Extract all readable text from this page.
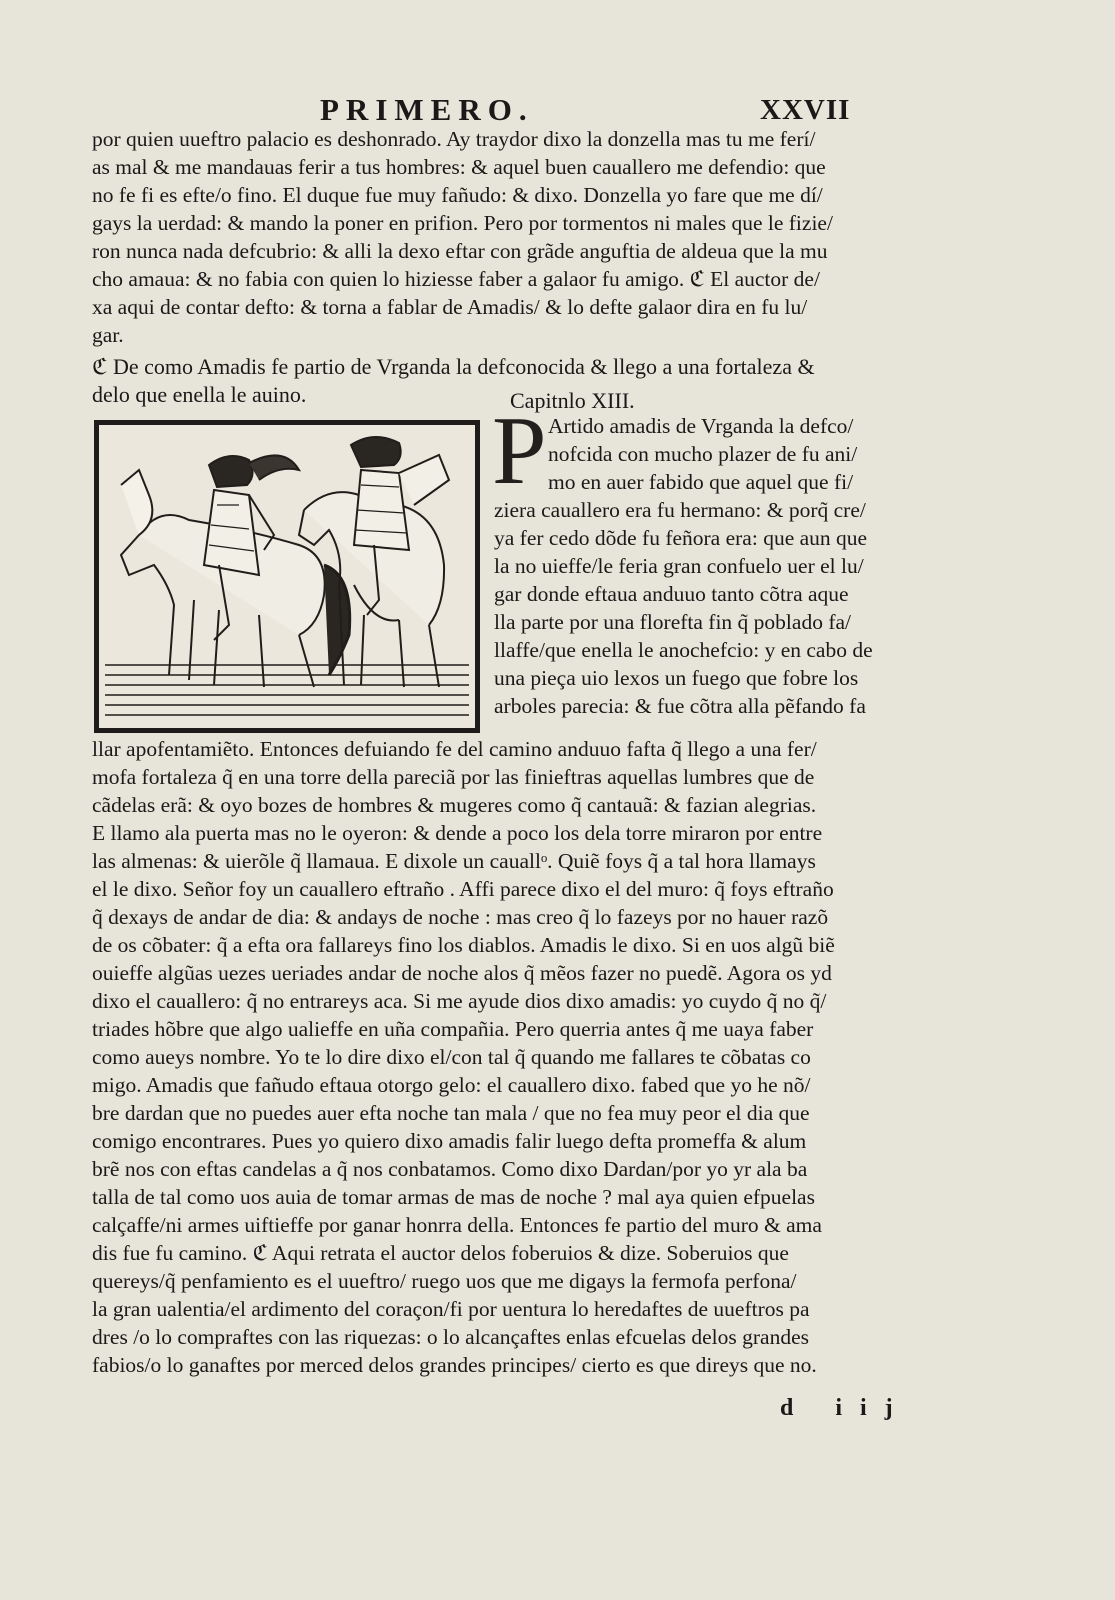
PRIMERO.	XXVII
por quien uueftro palacio es deshonrado. Ay traydor dixo la donzella mas tu me ferí/
as mal & me mandauas ferir a tus hombres: & aquel buen cauallero me defendio: que
no fe fi es efte/o fino. El duque fue muy fañudo: & dixo. Donzella yo fare que me dí/
gays la uerdad: & mando la poner en prifion. Pero por tormentos ni males que le fizie/
ron nunca nada defcubrio: & alli la dexo eftar con grãde anguftia de aldeua que la mu
cho amaua: & no fabia con quien lo hiziesse faber a galaor fu amigo. ℭ El auctor de/
xa aqui de contar defto: & torna a fablar de Amadis/ & lo defte galaor dira en fu lu/
gar.
ℭ De como Amadis fe partio de Vrganda la defconocida & llego a una fortaleza &
delo que enella le auino.	Capitnlo XIII.
P Artido amadis de Vrganda la defco/
nofcida con mucho plazer de fu ani/
mo en auer fabido que aquel que fi/
ziera cauallero era fu hermano: & porq̃ cre/
ya fer cedo dõde fu feñora era: que aun que
la no uieffe/le feria gran confuelo uer el lu/
gar donde eftaua anduuo tanto cõtra aque
lla parte por una florefta fin q̃ poblado fa/
llaffe/que enella le anochefcio: y en cabo de
una pieça uio lexos un fuego que fobre los
arboles parecia: & fue cõtra alla pẽfando fa
llar apofentamiẽto. Entonces defuiando fe del camino anduuo fafta q̃ llego a una fer/
mofa fortaleza q̃ en una torre della pareciã por las finieftras aquellas lumbres que de
cãdelas erã: & oyo bozes de hombres & mugeres como q̃ cantauã: & fazian alegrias.
E llamo ala puerta mas no le oyeron: & dende a poco los dela torre miraron por entre
las almenas: & uierõle q̃ llamaua. E dixole un cauallᵒ. Quiẽ foys q̃ a tal hora llamays
el le dixo. Señor foy un cauallero eftraño . Affi parece dixo el del muro: q̃ foys eftraño
q̃ dexays de andar de dia: & andays de noche : mas creo q̃ lo fazeys por no hauer razõ
de os cõbater: q̃ a efta ora fallareys fino los diablos. Amadis le dixo. Si en uos algũ biẽ
ouieffe algũas uezes ueriades andar de noche alos q̃ mẽos fazer no puedẽ. Agora os yd
dixo el cauallero: q̃ no entrareys aca. Si me ayude dios dixo amadis: yo cuydo q̃ no q̃/
triades hõbre que algo ualieffe en uña compañia. Pero querria antes q̃ me uaya faber
como aueys nombre. Yo te lo dire dixo el/con tal q̃ quando me fallares te cõbatas co
migo. Amadis que fañudo eftaua otorgo gelo: el cauallero dixo. fabed que yo he nõ/
bre dardan que no puedes auer efta noche tan mala / que no fea muy peor el dia que
comigo encontrares. Pues yo quiero dixo amadis falir luego defta promeffa & alum
brẽ nos con eftas candelas a q̃ nos conbatamos. Como dixo Dardan/por yo yr ala ba
talla de tal como uos auia de tomar armas de mas de noche ? mal aya quien efpuelas
calçaffe/ni armes uiftieffe por ganar honrra della. Entonces fe partio del muro & ama
dis fue fu camino. ℭ Aqui retrata el auctor delos foberuios & dize. Soberuios que
quereys/q̃ penfamiento es el uueftro/ ruego uos que me digays la fermofa perfona/
la gran ualentia/el ardimento del coraçon/fi por uentura lo heredaftes de uueftros pa
dres /o lo compraftes con las riquezas: o lo alcançaftes enlas efcuelas delos grandes
fabios/o lo ganaftes por merced delos grandes principes/ cierto es que direys que no.
d iij
